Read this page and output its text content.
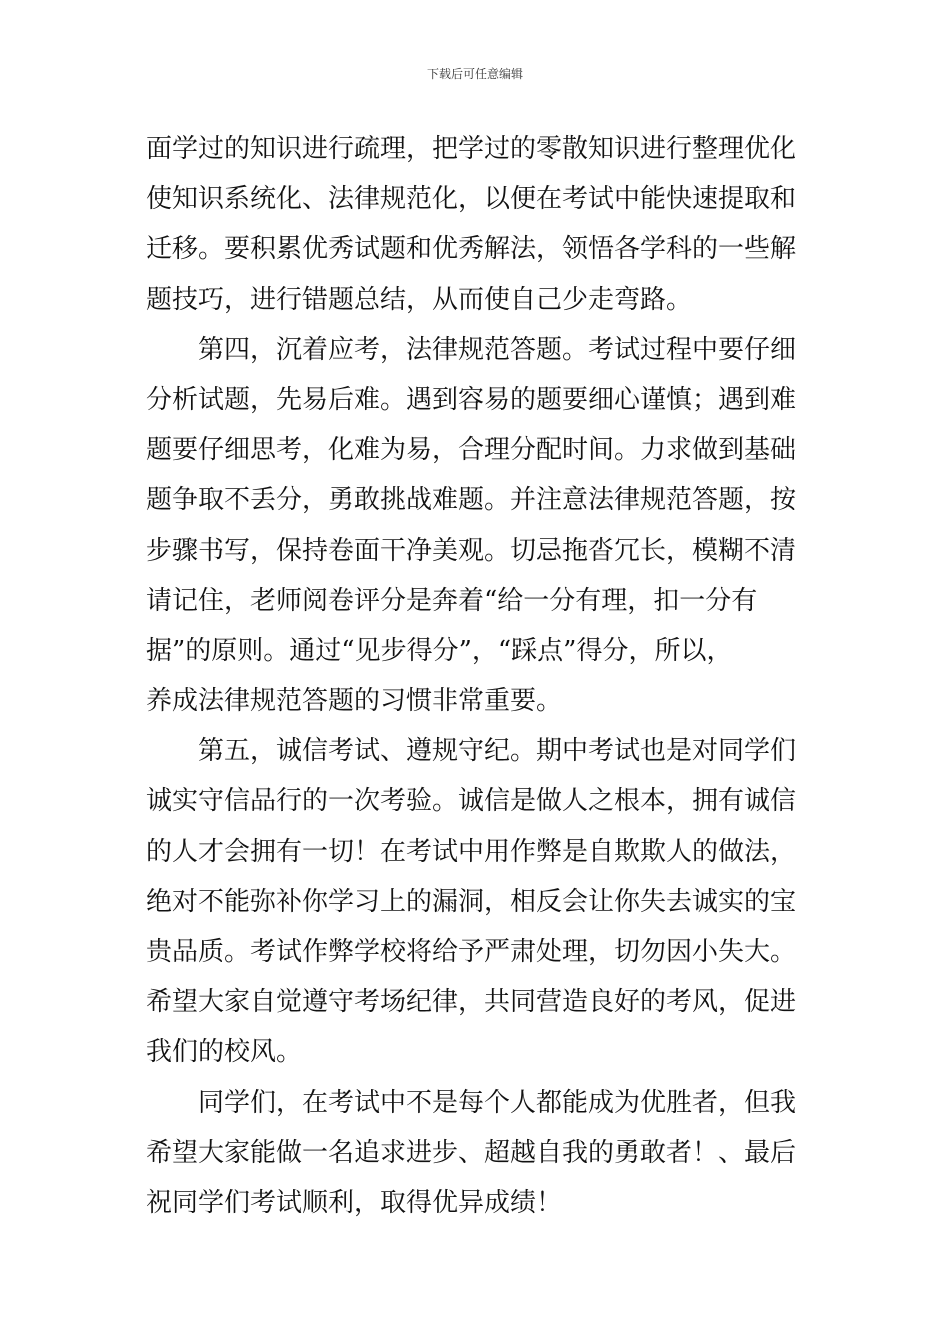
下载后可任意编辑
面学过的知识进行疏理，把学过的零散知识进行整理优化
使知识系统化、法律规范化，以便在考试中能快速提取和
迁移。要积累优秀试题和优秀解法，领悟各学科的一些解
题技巧，进行错题总结，从而使自己少走弯路。
第四，沉着应考，法律规范答题。考试过程中要仔细
分析试题，先易后难。遇到容易的题要细心谨慎；遇到难
题要仔细思考，化难为易，合理分配时间。力求做到基础
题争取不丢分，勇敢挑战难题。并注意法律规范答题，按
步骤书写，保持卷面干净美观。切忌拖沓冗长，模糊不清
请记住，老师阅卷评分是奔着“给一分有理，扣一分有
据”的原则。通过“见步得分”，“踩点”得分，所以，
养成法律规范答题的习惯非常重要。
第五，诚信考试、遵规守纪。期中考试也是对同学们
诚实守信品行的一次考验。诚信是做人之根本，拥有诚信
的人才会拥有一切！在考试中用作弊是自欺欺人的做法，
绝对不能弥补你学习上的漏洞，相反会让你失去诚实的宝
贵品质。考试作弊学校将给予严肃处理，切勿因小失大。
希望大家自觉遵守考场纪律，共同营造良好的考风，促进
我们的校风。
同学们，在考试中不是每个人都能成为优胜者，但我
希望大家能做一名追求进步、超越自我的勇敢者！、最后
祝同学们考试顺利，取得优异成绩！
